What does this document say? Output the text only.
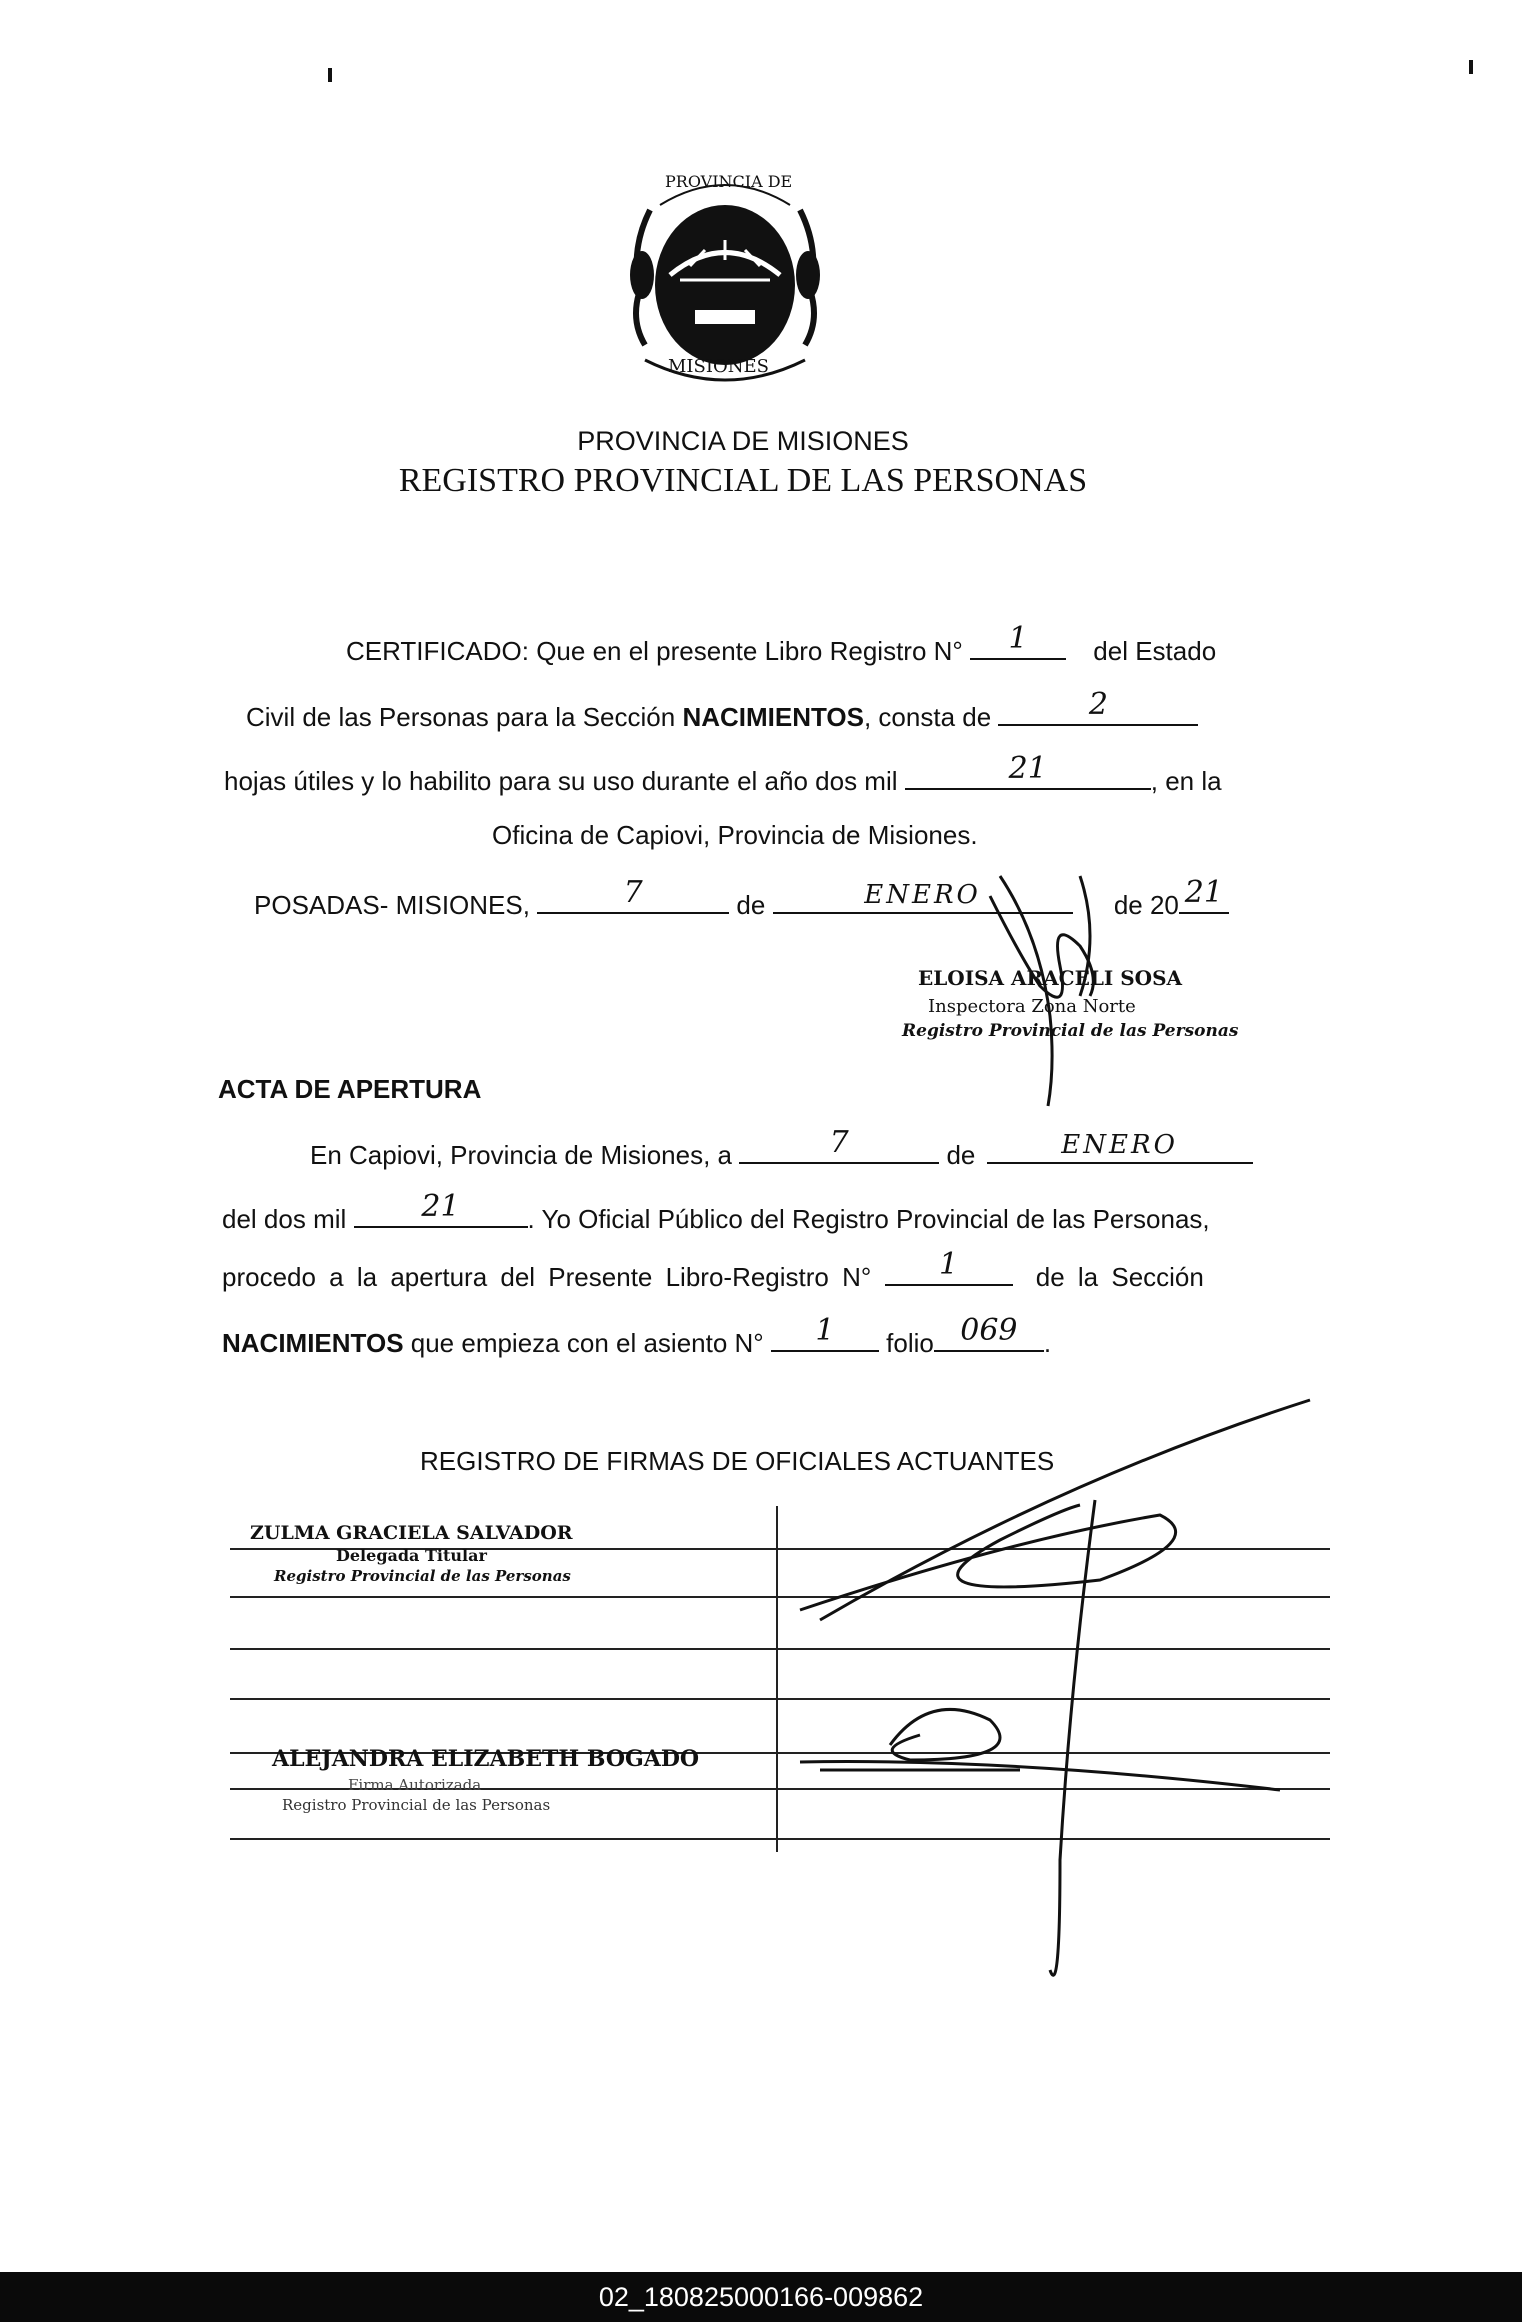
PROVINCIA DE
MISIONES
PROVINCIA DE MISIONES
REGISTRO PROVINCIAL DE LAS PERSONAS
CERTIFICADO: Que en el presente Libro Registro N°	1	del Estado
Civil de las Personas para la Sección NACIMIENTOS, consta de	2
hojas útiles y lo habilito para su uso durante el año dos mil	21	, en la
Oficina de Capiovi, Provincia de Misiones.
POSADAS- MISIONES,	7	de	ENERO	de 20 21
ELOISA ARACELI SOSA
Inspectora Zona Norte
Registro Provincial de las Personas
ACTA DE APERTURA
En Capiovi, Provincia de Misiones, a	7	de	ENERO
del dos mil	21	. Yo Oficial Público del Registro Provincial de las Personas,
procedo a la apertura del Presente Libro-Registro N°	1	de la Sección
NACIMIENTOS que empieza con el asiento N°	1	folio 069	.
REGISTRO DE FIRMAS DE OFICIALES ACTUANTES
ZULMA GRACIELA SALVADOR
Delegada Titular
Registro Provincial de las Personas
ALEJANDRA ELIZABETH BOGADO
Firma Autorizada
Registro Provincial de las Personas
02_180825000166-009862
